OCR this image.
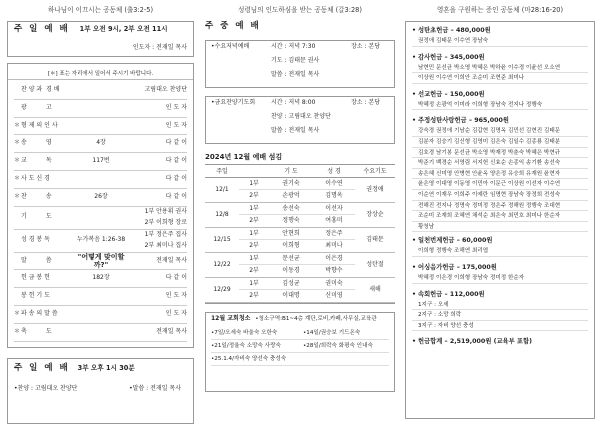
하나님이 이끄시는 공동체 (출3:2-5)
주 일 예 배 1부 오전 9시, 2부 오전 11시
인도자 : 전재일 목사
[＊] 표는 자리에서 일어서 주시기 바랍니다.
찬 양 과  경 배	고림대오 찬양단
광          고	인 도 자
＊ 형 제 의 인 사	인 도 자
＊ 송          영	4장	다 같 이
＊ 교          독	117번	다 같 이
＊ 사 도 신 경	다 같 이
＊ 찬          송	26장	다 같 이
기          도
1부 안용휘 권사
2부 이희형 장로
성 경 봉 독	누가복음 1:26-38
1부 정은주 집사
2부 최미나 집사
말          씀	"어떻게 맞이할까?"
전재일 목사
헌 금 봉 헌	182장	다 같 이
봉 헌 기 도	인 도 자
＊ 파 송 의 말 씀	인 도 자
＊ 축          도	전재일 목사
주 일 예 배 3부 오후 1시 30분
•찬양 : 고림대오 찬양단	•말씀 : 전재일 목사
성령님의 인도하심을 받는 공동체 (갈3:28)
주 중 예 배
•수요저녁예배	시간 : 저녁 7:30	장소 : 본당
기도 : 김태문 권사
말씀 : 전재일 목사
•금요찬양기도회	시간 : 저녁 8:00	장소 : 본당
찬양 : 고림대오 찬양단
말씀 : 전재일 목사
2024년 12월 예배 섬김
주일	기 도	성 경	수요기도
12/1
1부	권기숙	이수연
2부	손광억	김명옥
권정애
12/8
1부	송선숙	이선자
2부	정행숙	여홍미
장상순
12/15
1부	안현희	정은주
2부	이희형	최미나
김태문
12/22
1부	문선균	이은경
2부	이동경	박향수
성탄절
12/29
1부	김성균	권미숙
2부	이대명	신미영
새해
12월 교회청소 •청소구역:B1~4층 계단,로비,카페,사무실,교육관
•7일/오세숙 바울숙 오한숙	•14일/권승보 기드온숙
•21일/정율숙 소망숙 사랑숙	•28일/희락숙 화평숙 인내숙
•25.1.4/자비숙 양선숙 충성숙
영혼을 구원하는 증인 공동체 (마28:16-20)
• 성탄초헌금 – 480,000원
권정애 김태문 이수연 장남숙
• 감사헌금 – 345,000원
남현민 문선균 박소영 박혜은 박하윤 이수경 이윤선 오소연
이상원 이수연 이희안 조순미 조현준 최미나
• 선교헌금 – 150,000원
박혜정 손광억 이미라 이희형 장남숙 전지나 정행숙
• 주정성탄사랑헌금 – 965,000원
강숙경 권정애 기남순 김갑현 김명옥 김민선 김현진 김태문
김분자 김숭기 김신형 김영미 김은숙 김일수 김종룡 김태분
김호경 남기봉 문선균 박소영 박재정 박춘숙 박혜은 박현규
박준기 백경순 서영림 서지헌 신효순 손종익 송기환 송선숙
송은혜 신미영 안병현 안윤옥 양은정 유승희 유재원 윤현자
윤은영 이대영 이동영 이민아 이문근 이상원 이선자 이수연
이순연 이재우 이희주 이예란 임명현 장남숙 장정희 전성숙
전해진 전지나 정명숙 정미정 정은주 정해원 정행숙 조대현
조순미 조재희 조혜연 채석순 최은숙 최민호 최미나 한순자
황청남
• 일천번제헌금 – 60,000원
이희형 정행숙 조해연 최리엽
• 어싱음가헌금 – 175,000원
박혜정 이은경 이희형 장남숙 정미정 한순자
• 속회헌금 – 112,000원
1지구 : 오세
2지구 : 소망 희락
3지구 : 자비 양선 충성
• 헌금합계 – 2,519,000원 (교육부 포함)
